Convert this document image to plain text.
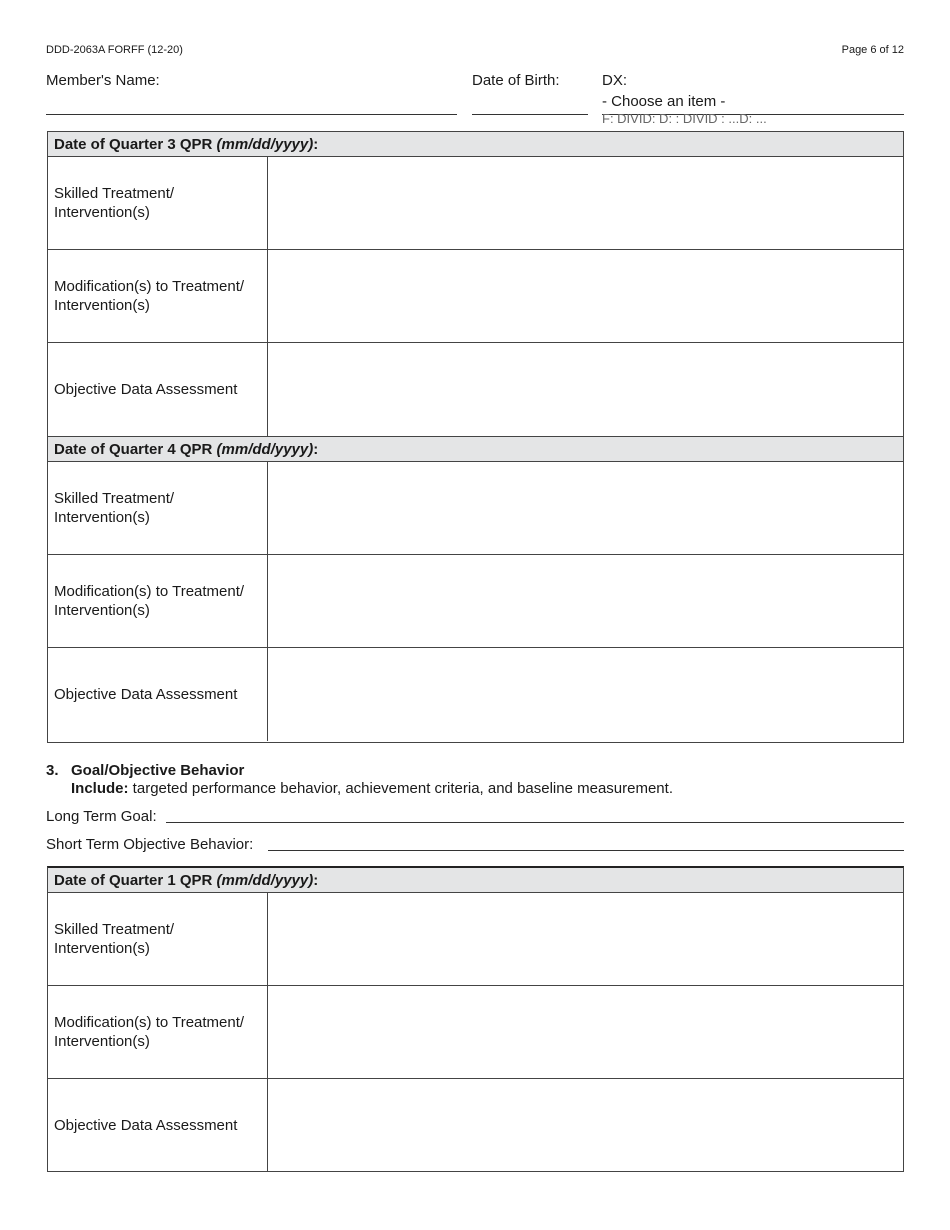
DDD-2063A FORFF (12-20)	Page 6 of 12
Member's Name:	Date of Birth:	DX:
- Choose an item -
F: DIVID: D: : DIVID : ...D: ...
Date of Quarter 3 QPR (mm/dd/yyyy):
Skilled Treatment/ Intervention(s)
Modification(s) to Treatment/ Intervention(s)
Objective Data Assessment
Date of Quarter 4 QPR (mm/dd/yyyy):
Skilled Treatment/ Intervention(s)
Modification(s) to Treatment/ Intervention(s)
Objective Data Assessment
3. Goal/Objective Behavior
Include: targeted performance behavior, achievement criteria, and baseline measurement.
Long Term Goal:
Short Term Objective Behavior:
Date of Quarter 1 QPR (mm/dd/yyyy):
Skilled Treatment/ Intervention(s)
Modification(s) to Treatment/ Intervention(s)
Objective Data Assessment
